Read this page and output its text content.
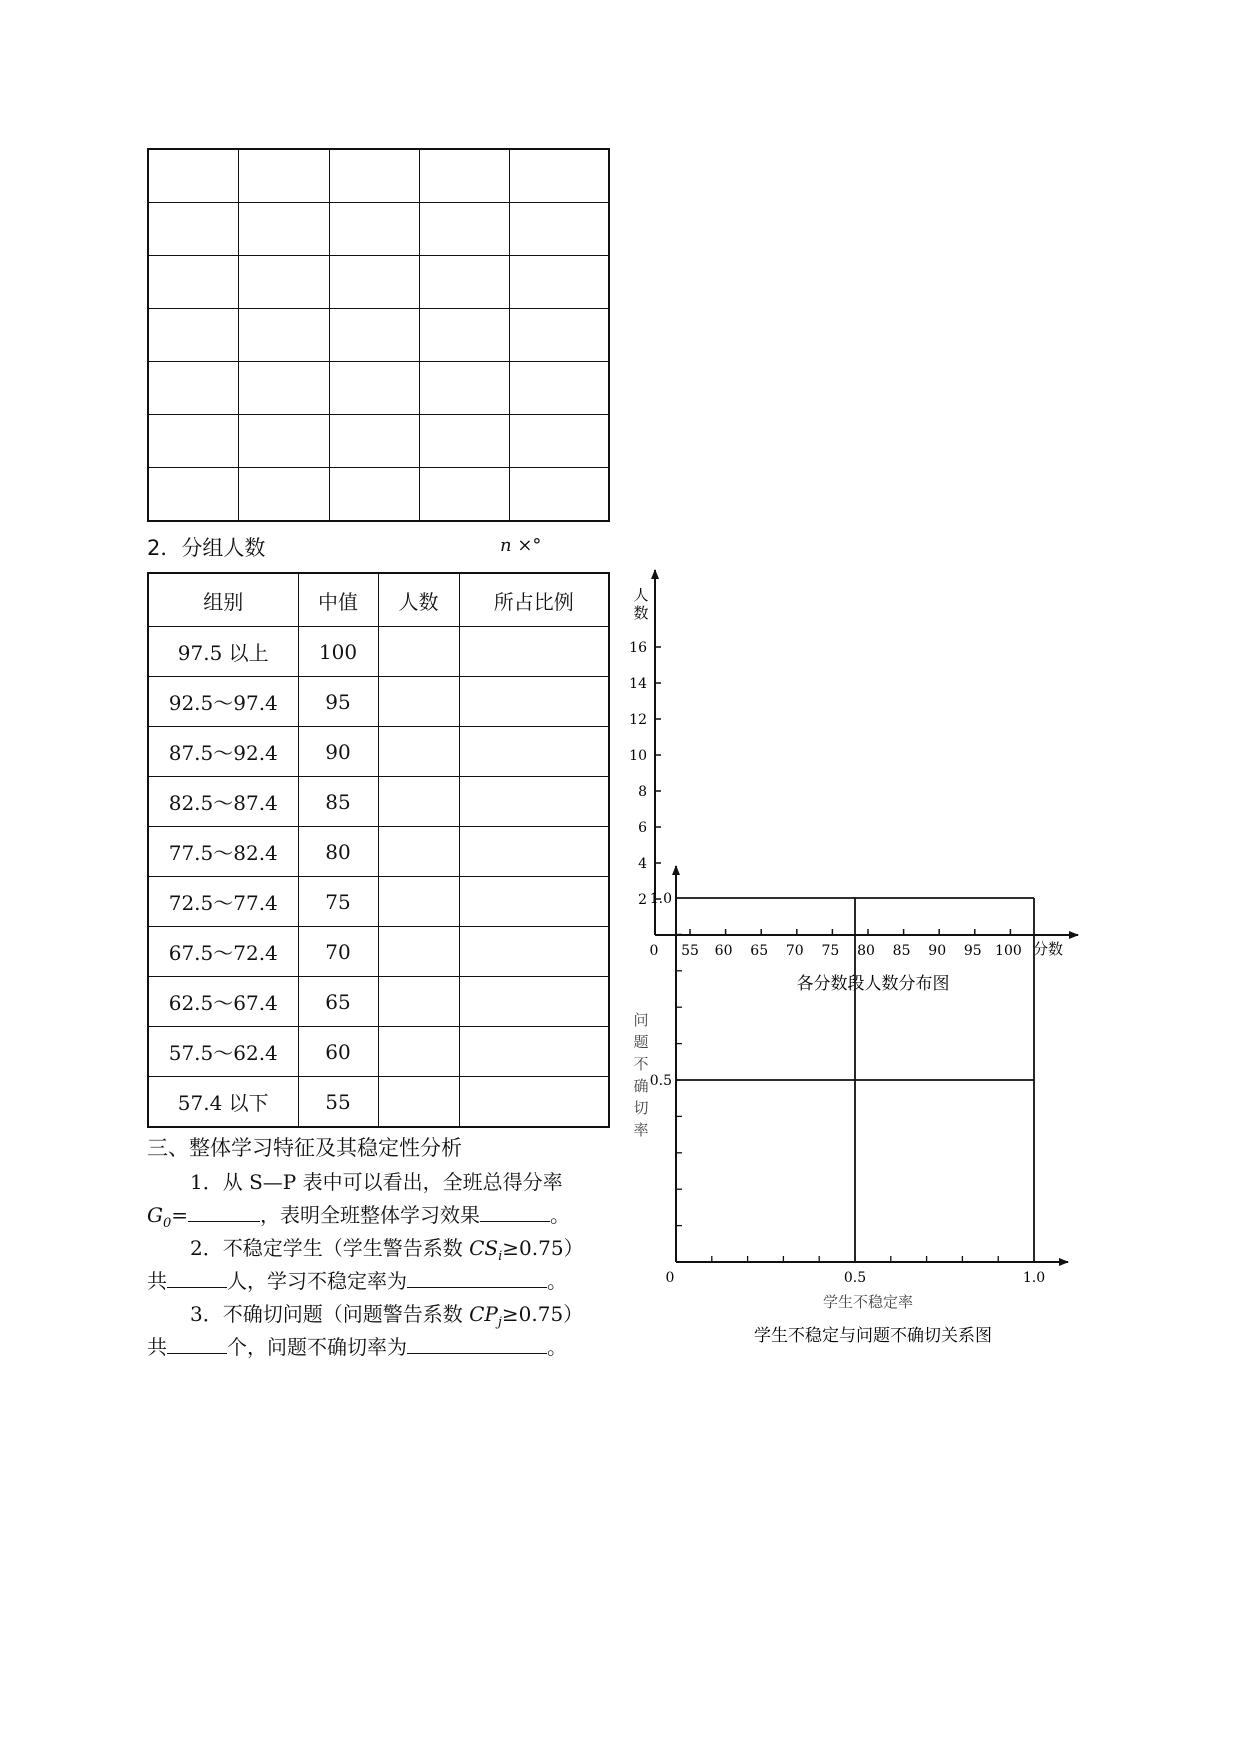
2．分组人数	n ×°
组别	中值	人数	所占比例
97.5 以上	100		
92.5～97.4	95		
87.5～92.4	90		
82.5～87.4	85		
77.5～82.4	80		
72.5～77.4	75		
67.5～72.4	70		
62.5～67.4	65		
57.5～62.4	60		
57.4 以下	55		
三、整体学习特征及其稳定性分析
1．从 S—P 表中可以看出，全班总得分率
$G_0=$	，表明全班整体学习效果	。
2．不稳定学生（学生警告系数 $CS_i\ge 0.75$）
共	人，学习不稳定率为	。
3．不确切问题（问题警告系数 $CP_j\ge 0.75$）
共	个，问题不确切率为	。
2
4
6
8
10
12
14
16
人
数
55 60 65 70 75 80 85 90 95 100
0	分数
各分数段人数分布图
0	0.5	1.0
0.5
1.0
问
题
不
确
切
率
学生不稳定率
学生不稳定与问题不确切关系图
